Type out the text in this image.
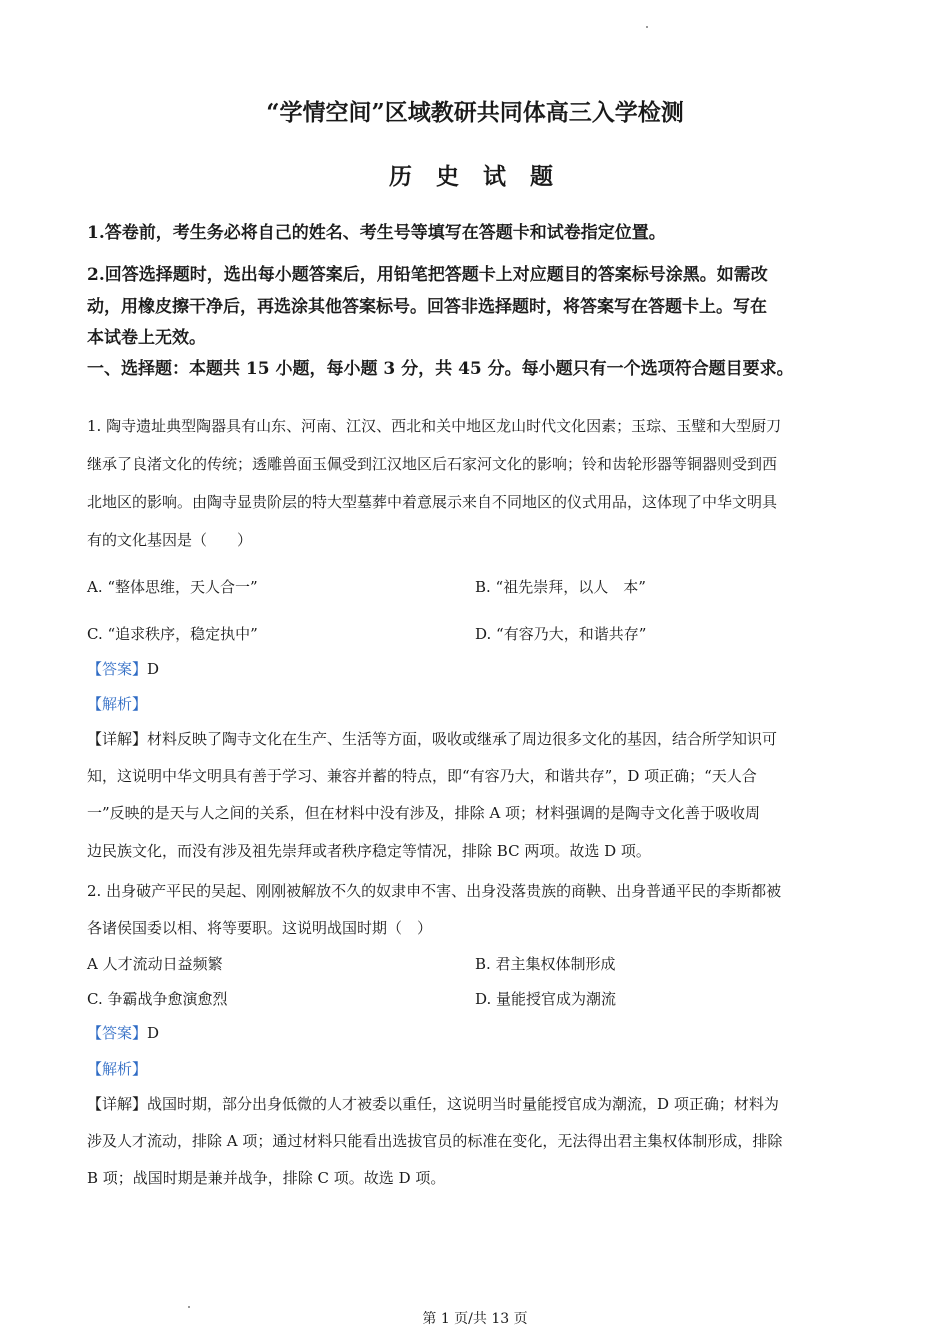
“学情空间”区域教研共同体高三入学检测
历 史 试 题
1.答卷前，考生务必将自己的姓名、考生号等填写在答题卡和试卷指定位置。
2.回答选择题时，选出每小题答案后，用铅笔把答题卡上对应题目的答案标号涂黑。如需改
动，用橡皮擦干净后，再选涂其他答案标号。回答非选择题时，将答案写在答题卡上。写在
本试卷上无效。
一、选择题：本题共 15 小题，每小题 3 分，共 45 分。每小题只有一个选项符合题目要求。
1. 陶寺遗址典型陶器具有山东、河南、江汉、西北和关中地区龙山时代文化因素；玉琮、玉璧和大型厨刀
继承了良渚文化的传统；透雕兽面玉佩受到江汉地区后石家河文化的影响；铃和齿轮形器等铜器则受到西
北地区的影响。由陶寺显贵阶层的特大型墓葬中着意展示来自不同地区的仪式用品，这体现了中华文明具
有的文化基因是（　　）
A. “整体思维，天人合一”	B. “祖先崇拜，以人　本”
C. “追求秩序，稳定执中”	D. “有容乃大，和谐共存”
【答案】D
【解析】
【详解】材料反映了陶寺文化在生产、生活等方面，吸收或继承了周边很多文化的基因，结合所学知识可
知，这说明中华文明具有善于学习、兼容并蓄的特点，即“有容乃大，和谐共存”，D 项正确；“天人合
一”反映的是天与人之间的关系，但在材料中没有涉及，排除 A 项；材料强调的是陶寺文化善于吸收周
边民族文化，而没有涉及祖先崇拜或者秩序稳定等情况，排除 BC 两项。故选 D 项。
2. 出身破产平民的吴起、刚刚被解放不久的奴隶申不害、出身没落贵族的商鞅、出身普通平民的李斯都被
各诸侯国委以相、将等要职。这说明战国时期（　）
A 人才流动日益频繁	B. 君主集权体制形成
C. 争霸战争愈演愈烈	D. 量能授官成为潮流
【答案】D
【解析】
【详解】战国时期，部分出身低微的人才被委以重任，这说明当时量能授官成为潮流，D 项正确；材料为
涉及人才流动，排除 A 项；通过材料只能看出选拔官员的标准在变化，无法得出君主集权体制形成，排除
B 项；战国时期是兼并战争，排除 C 项。故选 D 项。
第 1 页/共 13 页
